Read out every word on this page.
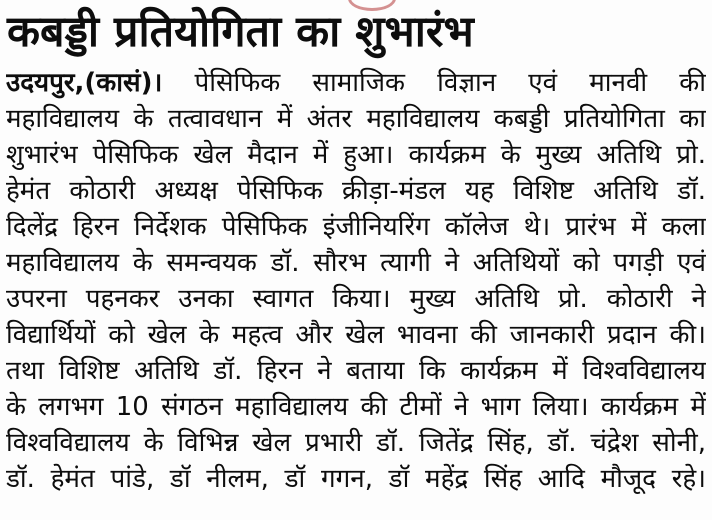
कबड्डी प्रतियोगिता का शुभारंभ
उदयपुर,(कासं)। पेसिफिक सामाजिक विज्ञान एवं मानवी की
महाविद्यालय के तत्वावधान में अंतर महाविद्यालय कबड्डी प्रतियोगिता का
शुभारंभ पेसिफिक खेल मैदान में हुआ। कार्यक्रम के मुख्य अतिथि प्रो.
हेमंत कोठारी अध्यक्ष पेसिफिक क्रीड़ा-मंडल यह विशिष्ट अतिथि डॉ.
दिलेंद्र हिरन निर्देशक पेसिफिक इंजीनियरिंग कॉलेज थे। प्रारंभ में कला
महाविद्यालय के समन्वयक डॉ. सौरभ त्यागी ने अतिथियों को पगड़ी एवं
उपरना पहनकर उनका स्वागत किया। मुख्य अतिथि प्रो. कोठारी ने
विद्यार्थियों को खेल के महत्व और खेल भावना की जानकारी प्रदान की।
तथा विशिष्ट अतिथि डॉ. हिरन ने बताया कि कार्यक्रम में विश्वविद्यालय
के लगभग 10 संगठन महाविद्यालय की टीमों ने भाग लिया। कार्यक्रम में
विश्वविद्यालय के विभिन्न खेल प्रभारी डॉ. जितेंद्र सिंह, डॉ. चंद्रेश सोनी,
डॉ. हेमंत पांडे, डॉ नीलम, डॉ गगन, डॉ महेंद्र सिंह आदि मौजूद रहे।
